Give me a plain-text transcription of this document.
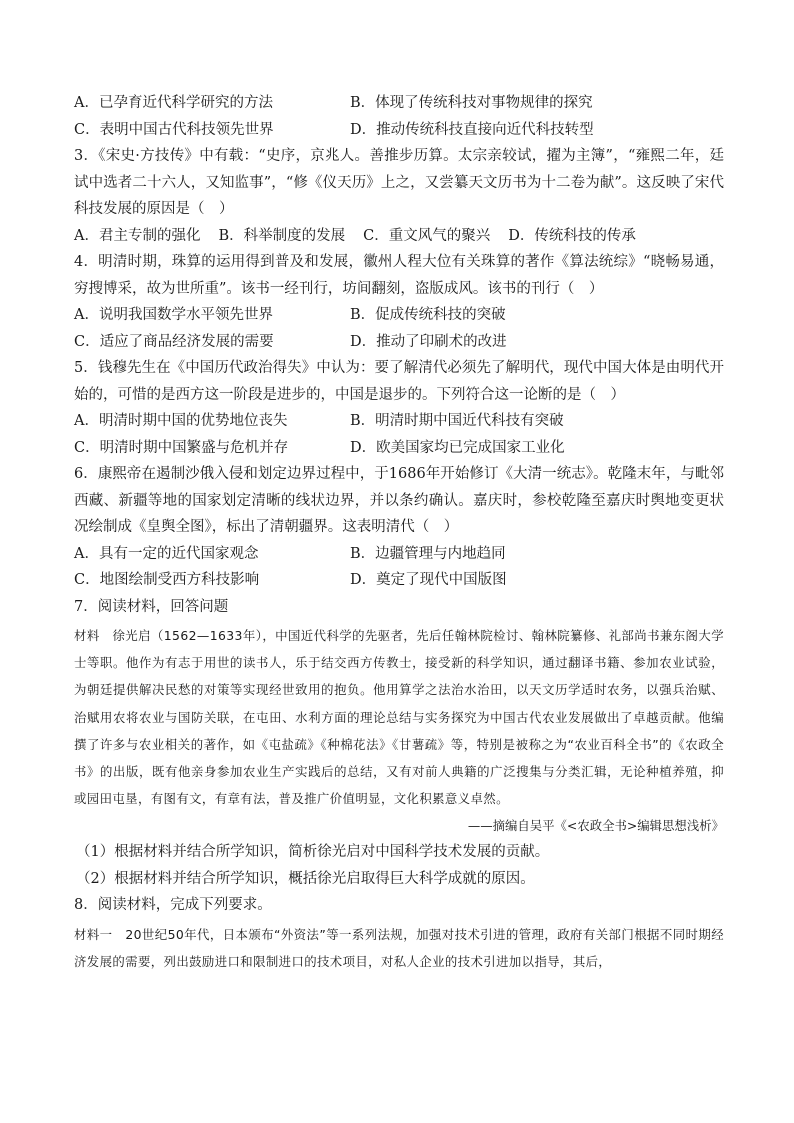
A．已孕育近代科学研究的方法	B．体现了传统科技对事物规律的探究
C．表明中国古代科技领先世界	D．推动传统科技直接向近代科技转型
3．《宋史·方技传》中有载：“史序，京兆人。善推步历算。太宗亲较试，擢为主簿”，“雍熙二年，廷试中选者二十六人，又知监事”，“修《仪天历》上之，又尝纂天文历书为十二卷为献”。这反映了宋代科技发展的原因是（　）
A．君主专制的强化 B．科举制度的发展 C．重文风气的聚兴 D．传统科技的传承
4．明清时期，珠算的运用得到普及和发展，徽州人程大位有关珠算的著作《算法统综》“晓畅易通，穷搜博采，故为世所重”。该书一经刊行，坊间翻刻，盗版成风。该书的刊行（　）
A．说明我国数学水平领先世界	B．促成传统科技的突破
C．适应了商品经济发展的需要	D．推动了印刷术的改进
5．钱穆先生在《中国历代政治得失》中认为：要了解清代必须先了解明代，现代中国大体是由明代开始的，可惜的是西方这一阶段是进步的，中国是退步的。下列符合这一论断的是（　）
A．明清时期中国的优势地位丧失	B．明清时期中国近代科技有突破
C．明清时期中国繁盛与危机并存	D．欧美国家均已完成国家工业化
6．康熙帝在遏制沙俄入侵和划定边界过程中，于1686年开始修订《大清一统志》。乾隆末年，与毗邻西藏、新疆等地的国家划定清晰的线状边界，并以条约确认。嘉庆时，参校乾隆至嘉庆时舆地变更状况绘制成《皇舆全图》，标出了清朝疆界。这表明清代（　）
A．具有一定的近代国家观念	B．边疆管理与内地趋同
C．地图绘制受西方科技影响	D．奠定了现代中国版图
7．阅读材料，回答问题
材料　徐光启（1562—1633年），中国近代科学的先驱者，先后任翰林院检讨、翰林院纂修、礼部尚书兼东阁大学士等职。他作为有志于用世的读书人，乐于结交西方传教士，接受新的科学知识，通过翻译书籍、参加农业试验，为朝廷提供解决民愁的对策等实现经世致用的抱负。他用算学之法治水治田，以天文历学适时农务，以强兵治赋、治赋用农将农业与国防关联，在屯田、水利方面的理论总结与实务探究为中国古代农业发展做出了卓越贡献。他编撰了许多与农业相关的著作，如《屯盐疏》《种棉花法》《甘薯疏》等，特别是被称之为“农业百科全书”的《农政全书》的出版，既有他亲身参加农业生产实践后的总结，又有对前人典籍的广泛搜集与分类汇辑，无论种植养殖，抑或园田屯垦，有图有文，有章有法，普及推广价值明显，文化积累意义卓然。
——摘编自吴平《<农政全书>编辑思想浅析》
（1）根据材料并结合所学知识，简析徐光启对中国科学技术发展的贡献。
（2）根据材料并结合所学知识，概括徐光启取得巨大科学成就的原因。
8．阅读材料，完成下列要求。
材料一　20世纪50年代，日本颁布“外资法”等一系列法规，加强对技术引进的管理，政府有关部门根据不同时期经济发展的需要，列出鼓励进口和限制进口的技术项目，对私人企业的技术引进加以指导，其后，
